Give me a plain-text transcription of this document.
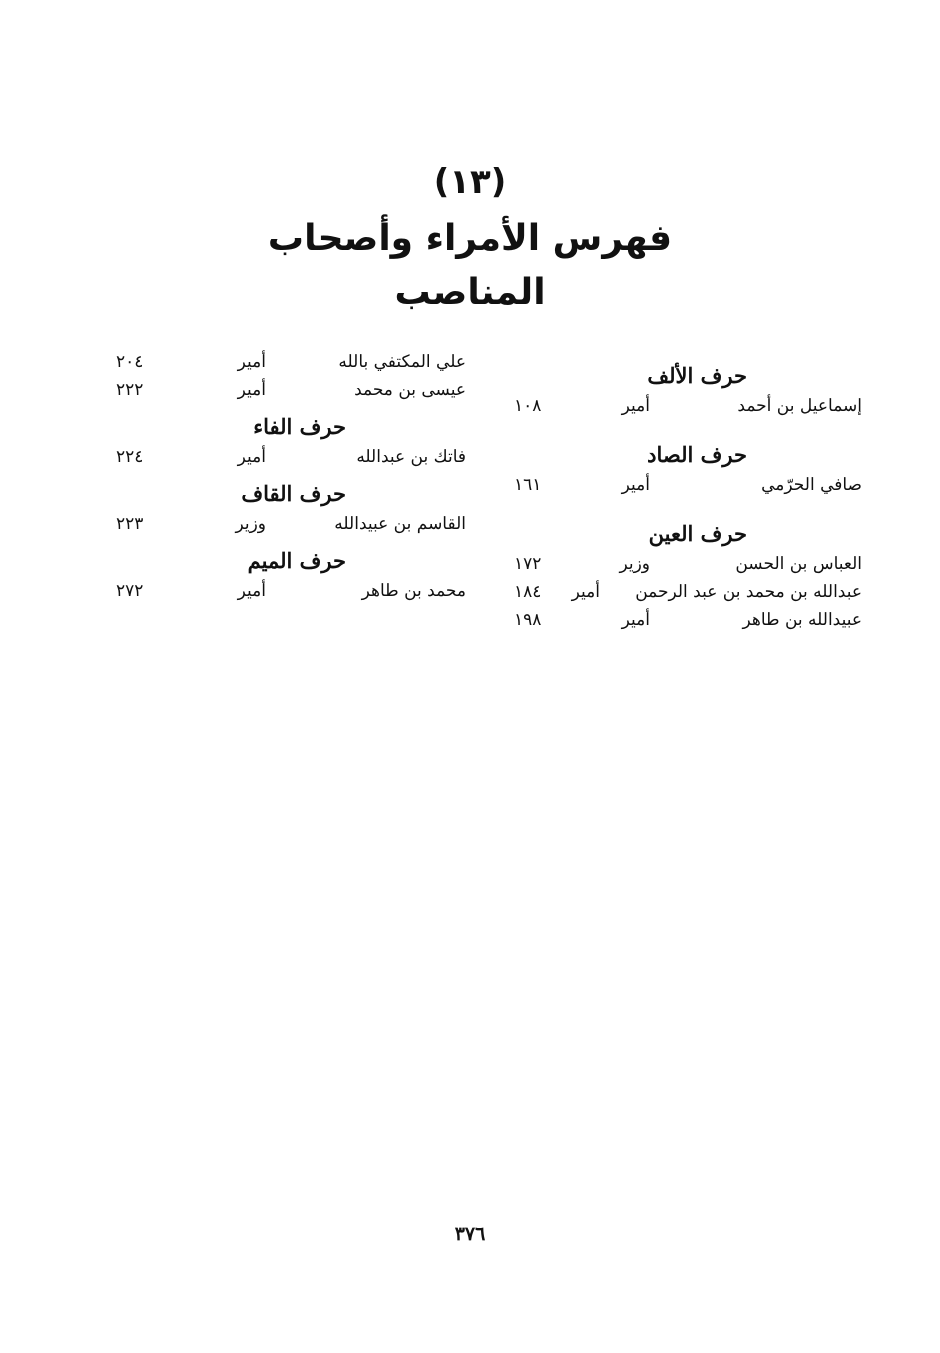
(١٣)
فهرس الأمراء وأصحاب
المناصب
حرف الألف
إسماعيل بن أحمد
أمير
١٠٨
حرف الصاد
صافي الحرّمي
أمير
١٦١
حرف العين
العباس بن الحسن
وزير
١٧٢
عبدالله بن محمد بن عبد الرحمن
أمير
١٨٤
عبيدالله بن طاهر
أمير
١٩٨
علي المكتفي بالله
أمير
٢٠٤
عيسى بن محمد
أمير
٢٢٢
حرف الفاء
فاتك بن عبدالله
أمير
٢٢٤
حرف القاف
القاسم بن عبيدالله
وزير
٢٢٣
حرف الميم
محمد بن طاهر
أمير
٢٧٢
٣٧٦
